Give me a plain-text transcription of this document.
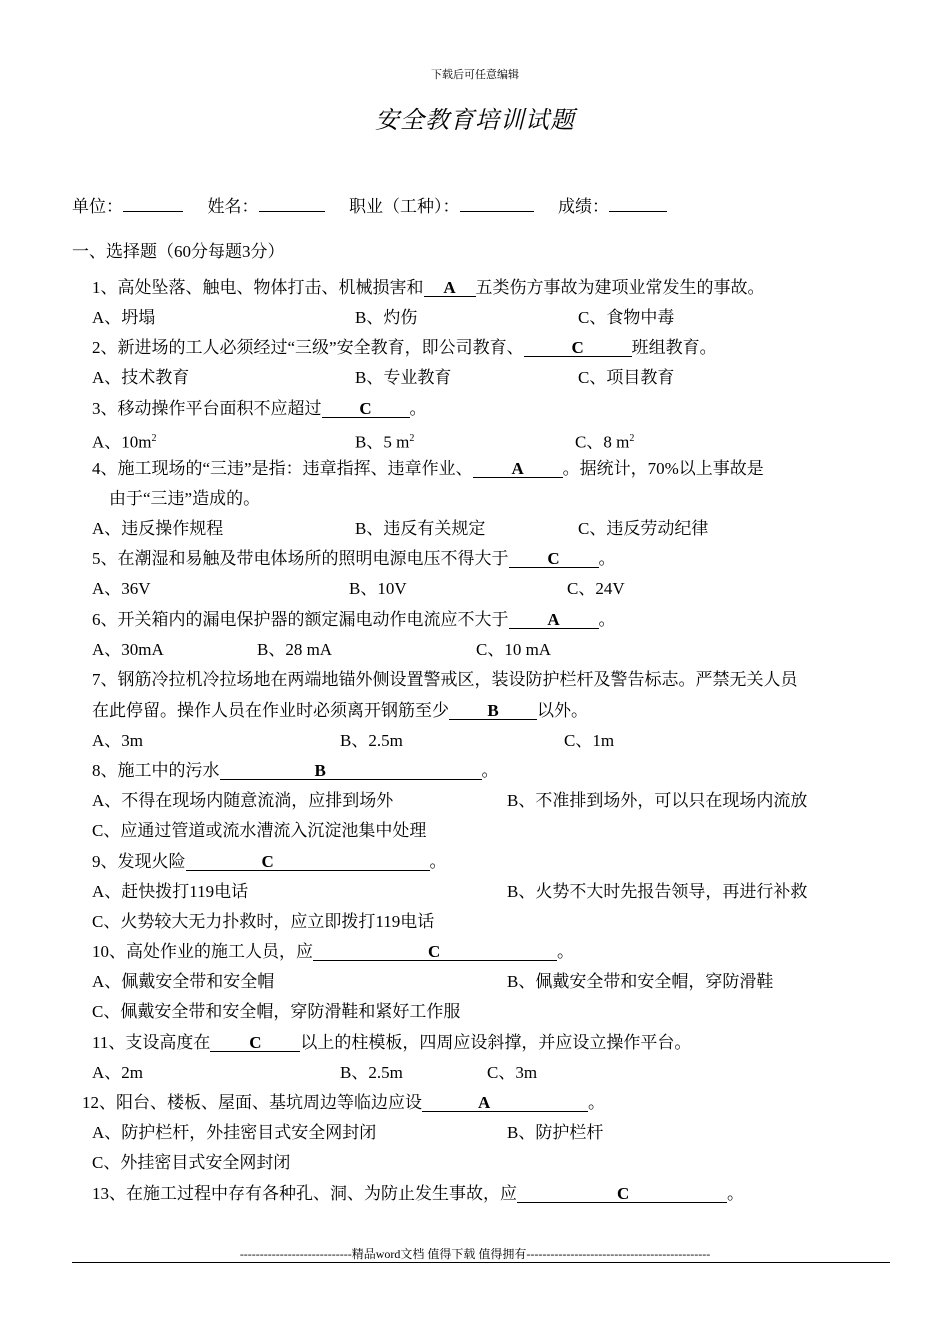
下载后可任意编辑
安全教育培训试题
单位：	姓名：	职业（工种）：	成绩：
一、选择题（60分每题3分）
1、高处坠落、触电、物体打击、机械损害和 A 五类伤方事故为建项业常发生的事故。
A、坍塌	B、灼伤	C、食物中毒
2、新进场的工人必须经过“三级”安全教育，即公司教育、	C	班组教育。
A、技术教育	B、专业教育	C、项目教育
3、移动操作平台面积不应超过 C 。
A、$10m^2$	B、5 $m^2$	C、8 $m^2$
4、施工现场的“三违”是指：违章指挥、违章作业、 A 。据统计，70%以上事故是
由于“三违”造成的。
A、违反操作规程	B、违反有关规定	C、违反劳动纪律
5、在潮湿和易触及带电体场所的照明电源电压不得大于 C 。
A、36V	B、10V	C、24V
6、开关箱内的漏电保护器的额定漏电动作电流应不大于 A 。
A、30mA	B、28 mA	C、10 mA
7、钢筋冷拉机冷拉场地在两端地锚外侧设置警戒区，装设防护栏杆及警告标志。严禁无关人员
在此停留。操作人员在作业时必须离开钢筋至少 B 以外。
A、3m	B、2.5m	C、1m
8、施工中的污水	B	。
A、不得在现场内随意流淌，应排到场外	B、不准排到场外，可以只在现场内流放
C、应通过管道或流水漕流入沉淀池集中处理
9、发现火险	C	。
A、赶快拨打119电话	B、火势不大时先报告领导，再进行补救
C、火势较大无力扑救时，应立即拨打119电话
10、高处作业的施工人员，应	C	。
A、佩戴安全带和安全帽	B、佩戴安全带和安全帽，穿防滑鞋
C、佩戴安全带和安全帽，穿防滑鞋和紧好工作服
11、支设高度在 C 以上的柱模板，四周应设斜撑，并应设立操作平台。
A、2m	B、2.5m	C、3m
12、阳台、楼板、屋面、基坑周边等临边应设	A	。
A、防护栏杆，外挂密目式安全网封闭	B、防护栏杆
C、外挂密目式安全网封闭
13、在施工过程中存有各种孔、洞、为防止发生事故，应	C	。
----------------------------精品word文档 值得下载 值得拥有----------------------------------------------
